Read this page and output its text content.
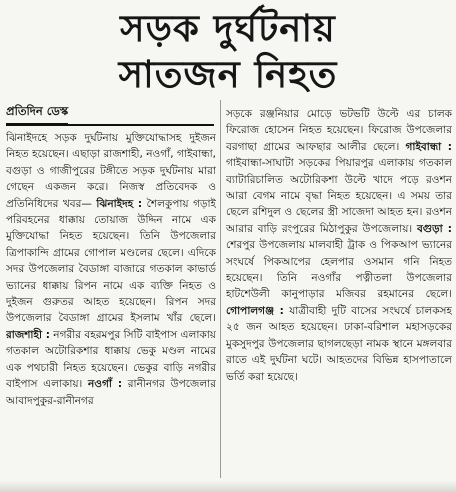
সড়ক দুর্ঘটনায়
সাতজন নিহত
প্রতিদিন ডেস্ক

ঝিনাইদহে সড়ক দুর্ঘটনায় মুক্তিযোদ্ধাসহ দুইজন নিহত হয়েছেন। এছাড়া রাজশাহী, নওগাঁ, গাইবান্ধা, বগুড়া ও গাজীপুরের টঙ্গীতে সড়ক দুর্ঘটনায় মারা গেছেন একজন করে। নিজস্ব প্রতিবেদক ও প্রতিনিধিদের খবর— ঝিনাইদহ : শৈলকুপায় গড়াই পরিবহনের ধাক্কায় তোয়াজ উদ্দিন নামে এক মুক্তিযোদ্ধা নিহত হয়েছেন। তিনি উপজেলার ত্রিপাকান্দি গ্রামের গোপাল মণ্ডলের ছেলে। এদিকে সদর উপজেলার বৈডাঙ্গা বাজারে গতকাল কাভার্ড ভ্যানের ধাক্কায় রিপন নামে এক ব্যক্তি নিহত ও দুইজন গুরুতর আহত হয়েছেন। রিপন সদর উপজেলার বৈডাঙ্গা গ্রামের ইসলাম খাঁর ছেলে। রাজশাহী : নগরীর বহরমপুর সিটি বাইপাস এলাকায় গতকাল অটোরিকশার ধাক্কায় ভেকু মণ্ডল নামের এক পথচারী নিহত হয়েছেন। ভেকুর বাড়ি নগরীর বাইপাস এলাকায়। নওগাঁ : রানীনগর উপজেলার আবাদপুকুর-রানীনগর

সড়কে রঞ্জনিয়ার মোড়ে ভটভটি উল্টে এর চালক ফিরোজ হোসেন নিহত হয়েছেন। ফিরোজ উপজেলার বরগাছা গ্রামের আফছার আলীর ছেলে। গাইবান্ধা : গাইবান্ধা-সাঘাটা সড়কের পিয়ারপুর এলাকায় গতকাল ব্যাটারিচালিত অটোরিকশা উল্টে খাদে পড়ে রওশন আরা বেগম নামে বৃদ্ধা নিহত হয়েছেন। এ সময় তার ছেলে রশিদুল ও ছেলের স্ত্রী সাজেদা আহত হন। রওশন আরার বাড়ি রংপুরের মিঠাপুকুর উপজেলায়। বগুড়া : শেরপুর উপজেলায় মালবাহী ট্রাক ও পিকআপ ভ্যানের সংঘর্ষে পিকআপের হেলপার ওসমান গনি নিহত হয়েছেন। তিনি নওগাঁর পত্নীতলা উপজেলার হাটশেউলী কানুপাড়ার মজিবর রহমানের ছেলে। গোপালগঞ্জ : যাত্রীবাহী দুটি বাসের সংঘর্ষে চালকসহ ২৫ জন আহত হয়েছেন। ঢাকা-বরিশাল মহাসড়কের মুকসুদপুর উপজেলার ছাগলছেড়া নামক স্থানে মঙ্গলবার রাতে এই দুর্ঘটনা ঘটে। আহতদের বিভিন্ন হাসপাতালে ভর্তি করা হয়েছে।
